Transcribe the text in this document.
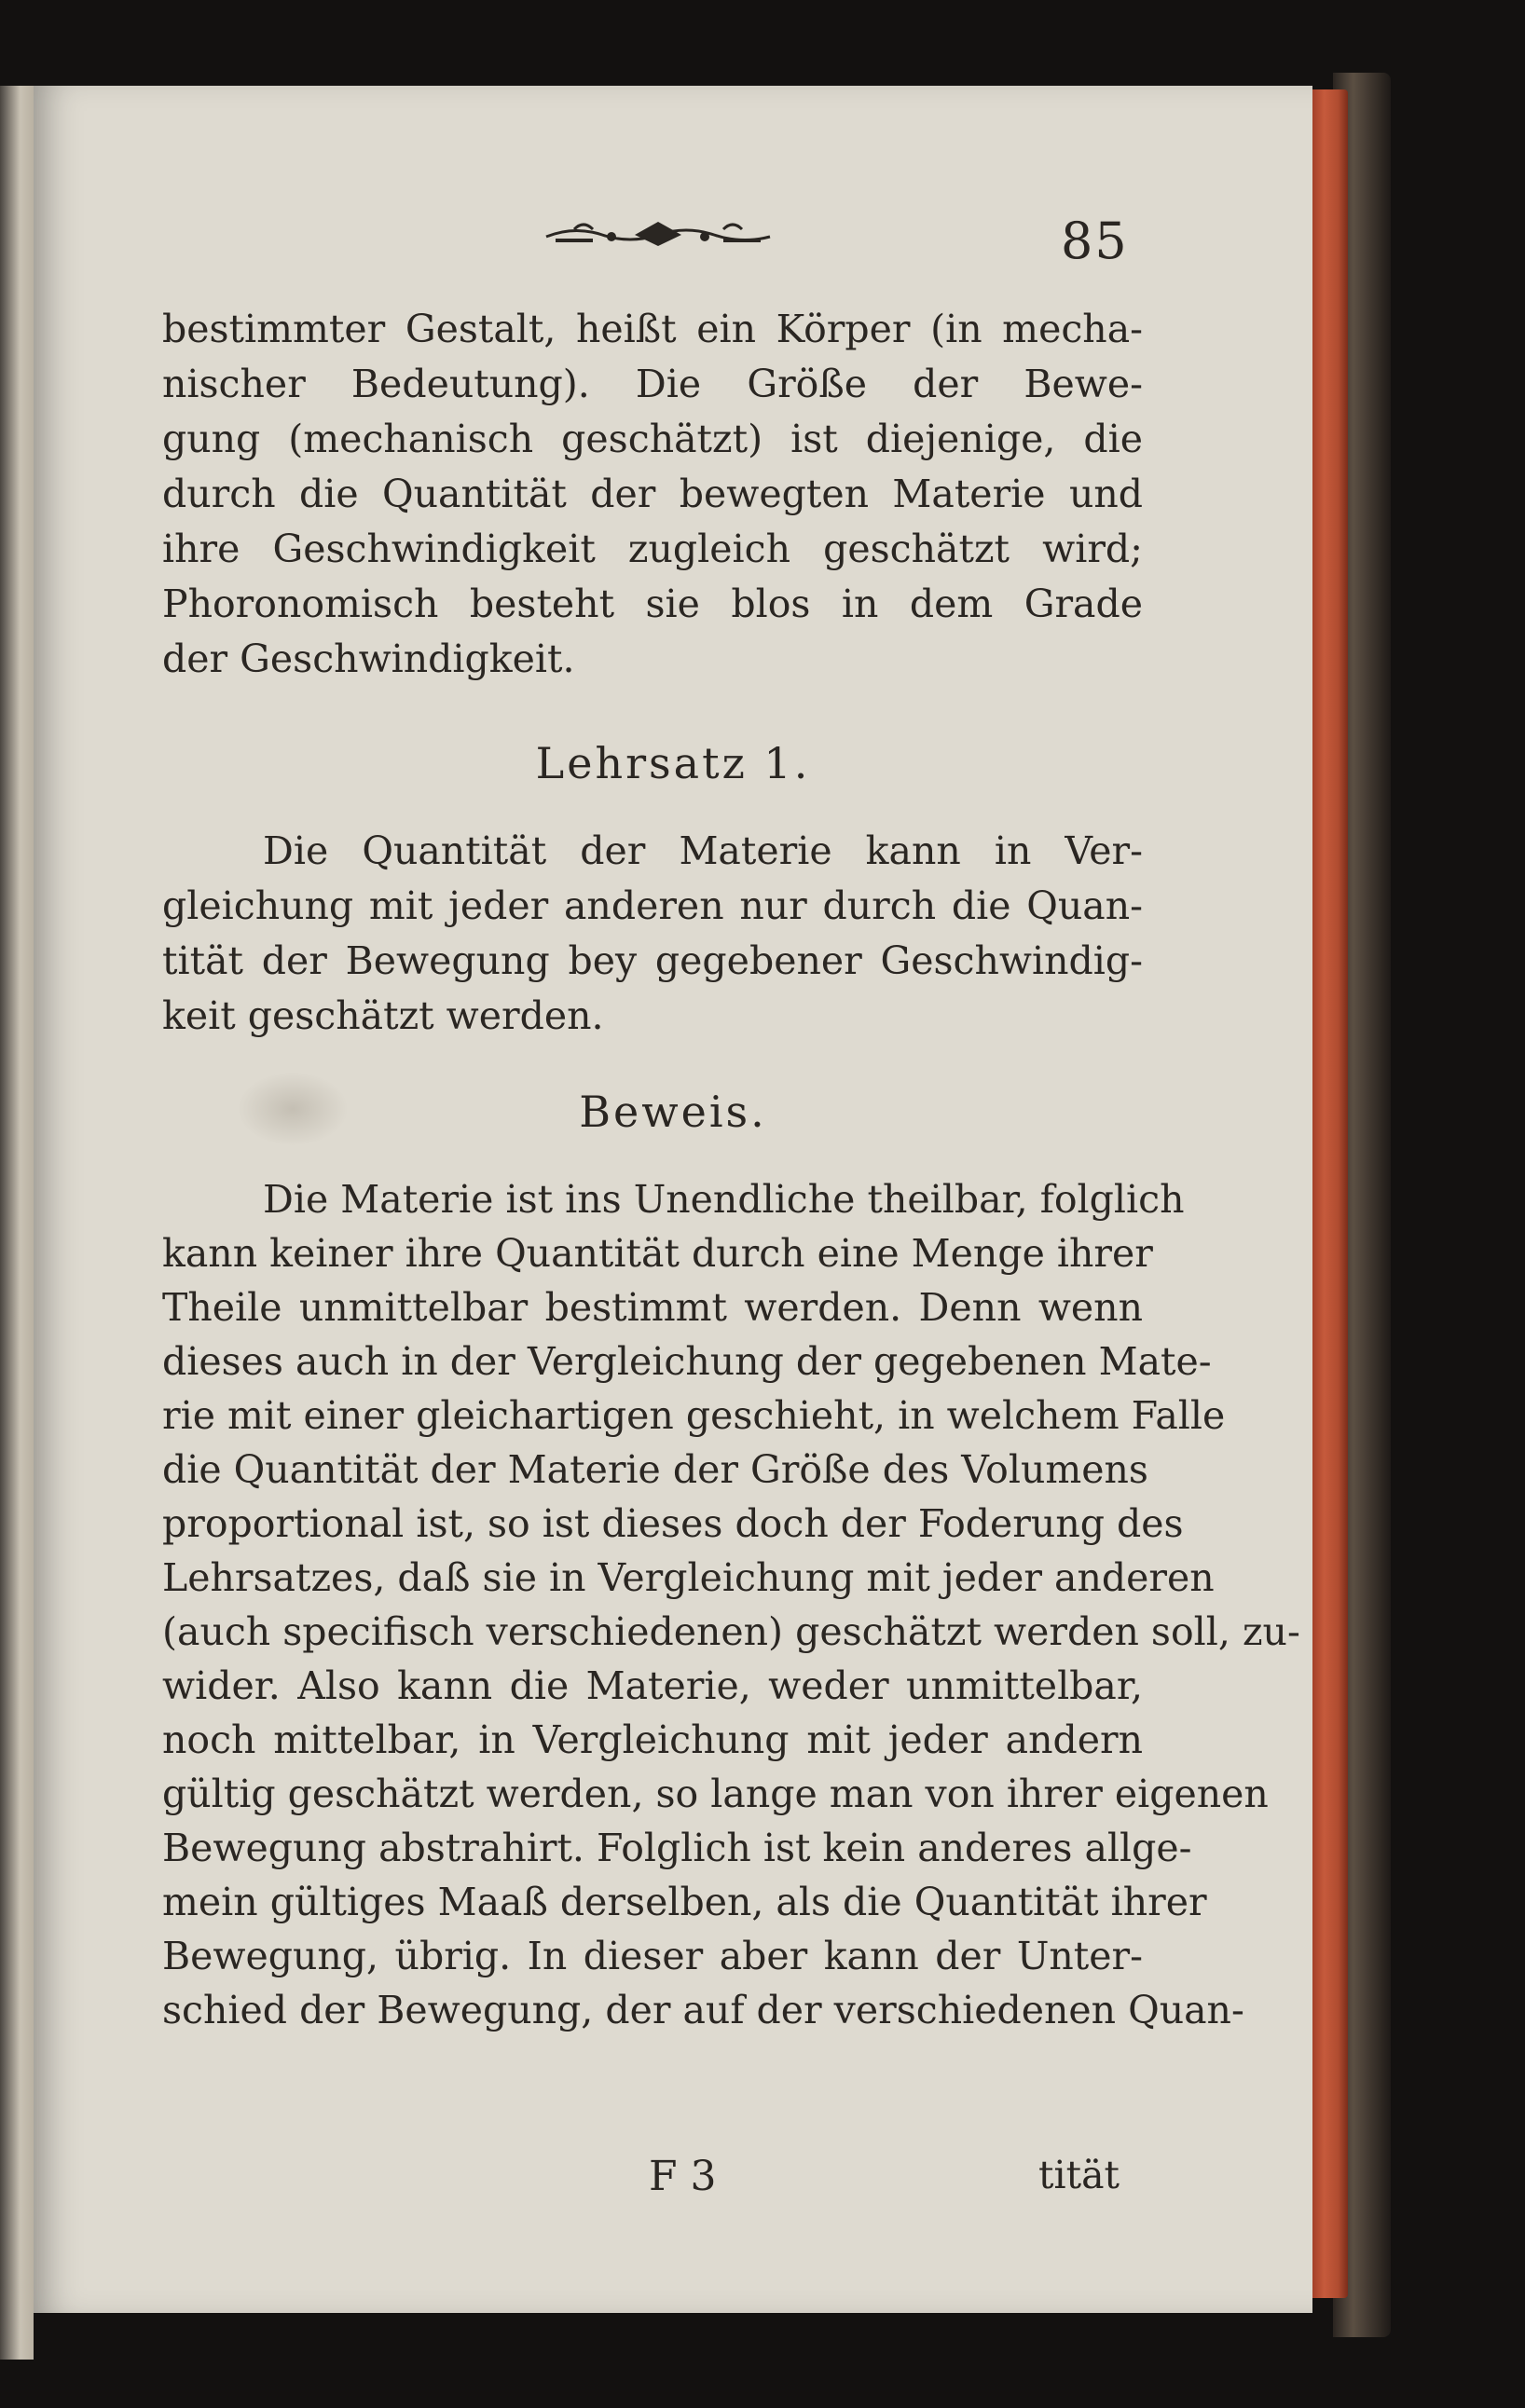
85
bestimmter Gestalt, heißt ein Körper (in mecha-
nischer Bedeutung). Die Größe der Bewe-
gung (mechanisch geschätzt) ist diejenige, die
durch die Quantität der bewegten Materie und
ihre Geschwindigkeit zugleich geschätzt wird;
Phoronomisch besteht sie blos in dem Grade
der Geschwindigkeit.
Lehrsatz 1.
Die Quantität der Materie kann in Ver-
gleichung mit jeder anderen nur durch die Quan-
tität der Bewegung bey gegebener Geschwindig-
keit geschätzt werden.
Beweis.
Die Materie ist ins Unendliche theilbar, folglich
kann keiner ihre Quantität durch eine Menge ihrer
Theile unmittelbar bestimmt werden. Denn wenn
dieses auch in der Vergleichung der gegebenen Mate-
rie mit einer gleichartigen geschieht, in welchem Falle
die Quantität der Materie der Größe des Volumens
proportional ist, so ist dieses doch der Foderung des
Lehrsatzes, daß sie in Vergleichung mit jeder anderen
(auch specifisch verschiedenen) geschätzt werden soll, zu-
wider. Also kann die Materie, weder unmittelbar,
noch mittelbar, in Vergleichung mit jeder andern
gültig geschätzt werden, so lange man von ihrer eigenen
Bewegung abstrahirt. Folglich ist kein anderes allge-
mein gültiges Maaß derselben, als die Quantität ihrer
Bewegung, übrig. In dieser aber kann der Unter-
schied der Bewegung, der auf der verschiedenen Quan-
F 3	tität
